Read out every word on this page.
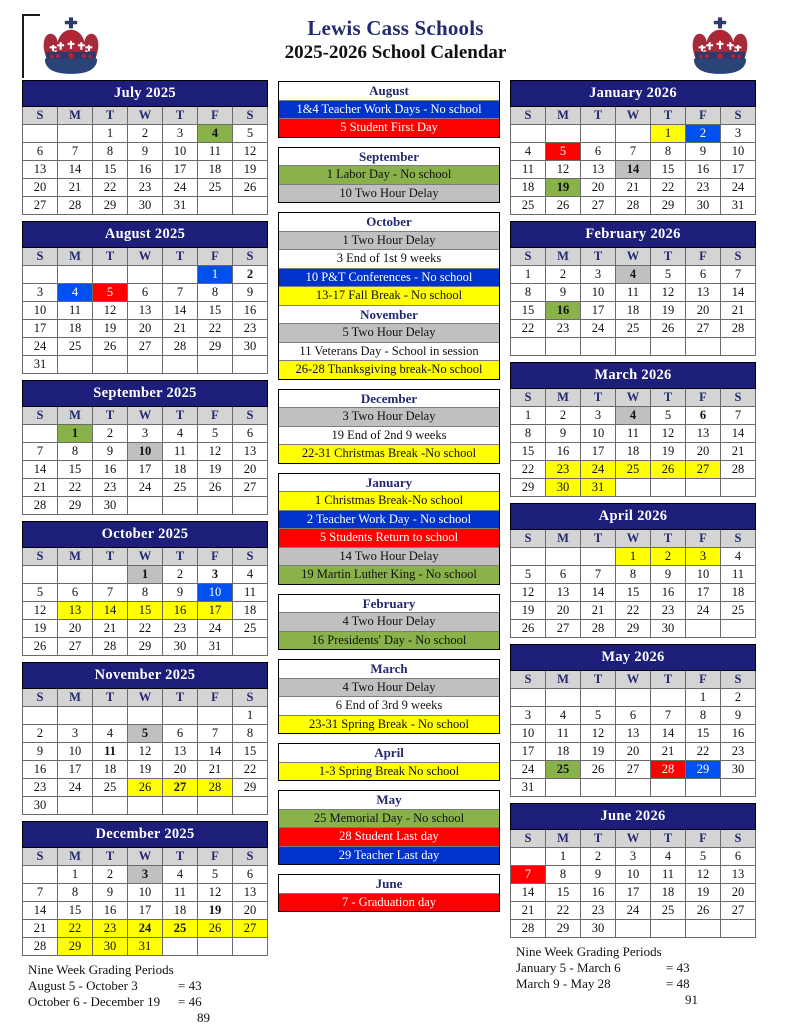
Lewis Cass Schools
2025-2026 School Calendar
July 2025						
S	M	T	W	T	F	S
		1	2	3	4	5
6	7	8	9	10	11	12
13	14	15	16	17	18	19
20	21	22	23	24	25	26
27	28	29	30	31		
August 2025						
S	M	T	W	T	F	S
					1	2
3	4	5	6	7	8	9
10	11	12	13	14	15	16
17	18	19	20	21	22	23
24	25	26	27	28	29	30
31						
September 2025						
S	M	T	W	T	F	S
	1	2	3	4	5	6
7	8	9	10	11	12	13
14	15	16	17	18	19	20
21	22	23	24	25	26	27
28	29	30				
October 2025						
S	M	T	W	T	F	S
			1	2	3	4
5	6	7	8	9	10	11
12	13	14	15	16	17	18
19	20	21	22	23	24	25
26	27	28	29	30	31	
November 2025						
S	M	T	W	T	F	S
						1
2	3	4	5	6	7	8
9	10	11	12	13	14	15
16	17	18	19	20	21	22
23	24	25	26	27	28	29
30						
December 2025						
S	M	T	W	T	F	S
	1	2	3	4	5	6
7	8	9	10	11	12	13
14	15	16	17	18	19	20
21	22	23	24	25	26	27
28	29	30	31			
Nine Week Grading Periods
August 5 - October 3	= 43
October 6 - December 19	= 46
89
August
1&4 Teacher Work Days - No school
5 Student First Day
September
1 Labor Day - No school
10 Two Hour Delay
October
1 Two Hour Delay
3 End of 1st 9 weeks
10 P&T Conferences - No school
13-17 Fall Break - No school
November
5 Two Hour Delay
11 Veterans Day - School in session
26-28 Thanksgiving break-No school
December
3 Two Hour Delay
19 End of 2nd 9 weeks
22-31 Christmas Break -No school
January
1 Christmas Break-No school
2 Teacher Work Day - No school
5 Students Return to school
14 Two Hour Delay
19 Martin Luther King - No school
February
4 Two Hour Delay
16 Presidents' Day - No school
March
4 Two Hour Delay
6 End of 3rd 9 weeks
23-31 Spring Break - No school
April
1-3 Spring Break No school
May
25 Memorial Day - No school
28 Student Last day
29 Teacher Last day
June
7 - Graduation day
January 2026						
S	M	T	W	T	F	S
				1	2	3
4	5	6	7	8	9	10
11	12	13	14	15	16	17
18	19	20	21	22	23	24
25	26	27	28	29	30	31
February 2026						
S	M	T	W	T	F	S
1	2	3	4	5	6	7
8	9	10	11	12	13	14
15	16	17	18	19	20	21
22	23	24	25	26	27	28

March 2026						
S	M	T	W	T	F	S
1	2	3	4	5	6	7
8	9	10	11	12	13	14
15	16	17	18	19	20	21
22	23	24	25	26	27	28
29	30	31				
April 2026						
S	M	T	W	T	F	S
			1	2	3	4
5	6	7	8	9	10	11
12	13	14	15	16	17	18
19	20	21	22	23	24	25
26	27	28	29	30		
May 2026						
S	M	T	W	T	F	S
					1	2
3	4	5	6	7	8	9
10	11	12	13	14	15	16
17	18	19	20	21	22	23
24	25	26	27	28	29	30
31						
June 2026						
S	M	T	W	T	F	S
	1	2	3	4	5	6
7	8	9	10	11	12	13
14	15	16	17	18	19	20
21	22	23	24	25	26	27
28	29	30				
Nine Week Grading Periods
January 5 - March 6	= 43
March 9 - May 28	= 48
91
